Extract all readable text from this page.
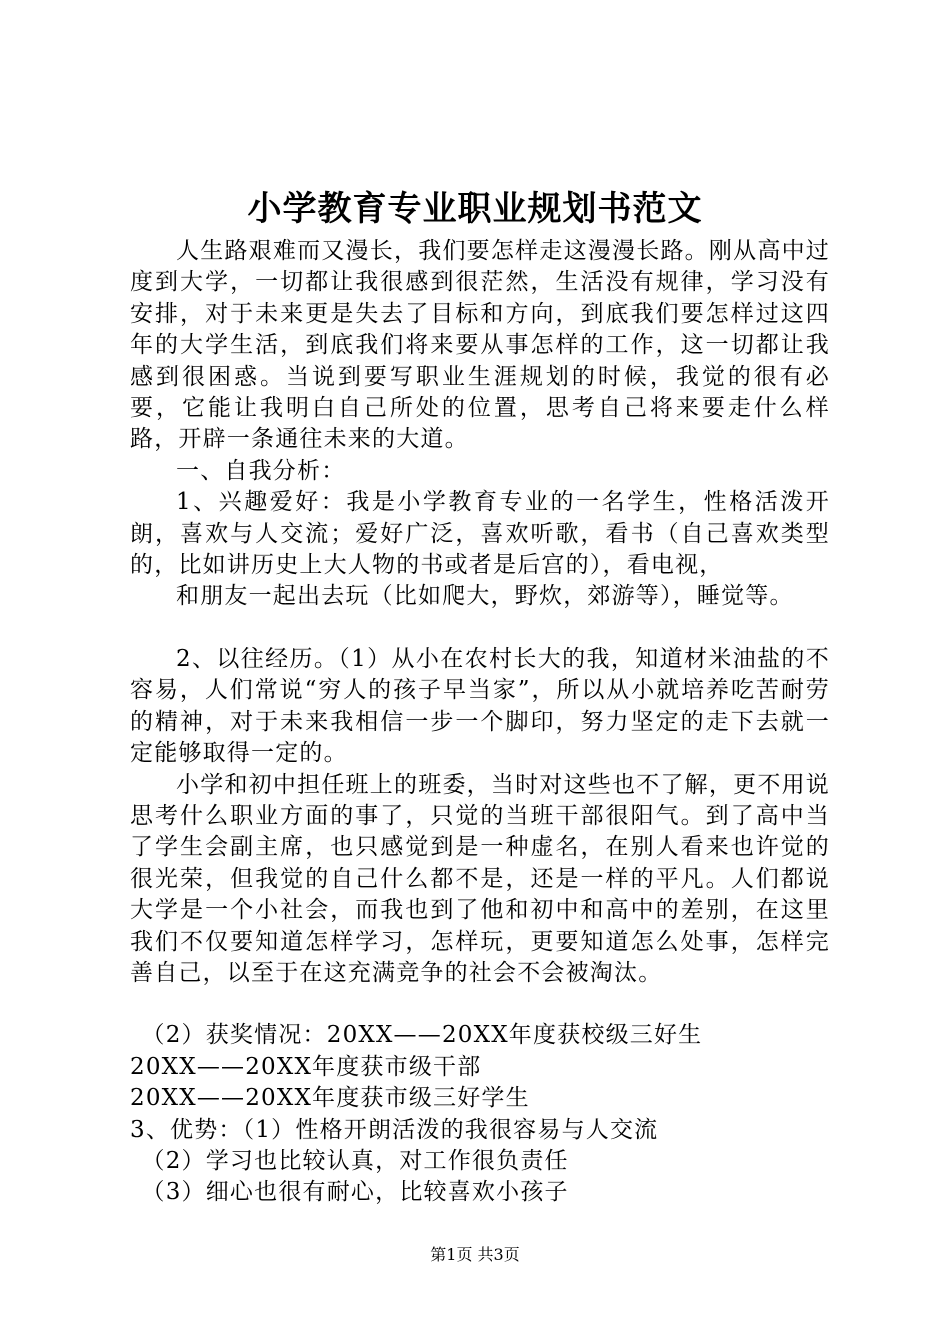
小学教育专业职业规划书范文

人生路艰难而又漫长，我们要怎样走这漫漫长路。刚从高中过度到大学，一切都让我很感到很茫然，生活没有规律，学习没有安排，对于未来更是失去了目标和方向，到底我们要怎样过这四年的大学生活，到底我们将来要从事怎样的工作，这一切都让我感到很困惑。当说到要写职业生涯规划的时候，我觉的很有必要，它能让我明白自己所处的位置，思考自己将来要走什么样路，开辟一条通往未来的大道。

一、自我分析：

1、兴趣爱好：我是小学教育专业的一名学生，性格活泼开朗，喜欢与人交流；爱好广泛，喜欢听歌，看书（自己喜欢类型的，比如讲历史上大人物的书或者是后宫的），看电视，

和朋友一起出去玩（比如爬大，野炊，郊游等），睡觉等。

2、以往经历。（1）从小在农村长大的我，知道材米油盐的不容易，人们常说“穷人的孩子早当家”，所以从小就培养吃苦耐劳的精神，对于未来我相信一步一个脚印，努力坚定的走下去就一定能够取得一定的。

小学和初中担任班上的班委，当时对这些也不了解，更不用说思考什么职业方面的事了，只觉的当班干部很阳气。到了高中当了学生会副主席，也只感觉到是一种虚名，在别人看来也许觉的很光荣，但我觉的自己什么都不是，还是一样的平凡。人们都说大学是一个小社会，而我也到了他和初中和高中的差别，在这里我们不仅要知道怎样学习，怎样玩，更要知道怎么处事，怎样完善自己，以至于在这充满竞争的社会不会被淘汰。

（2）获奖情况：20XX——20XX年度获校级三好生

20XX——20XX年度获市级干部

20XX——20XX年度获市级三好学生

3、优势：（1）性格开朗活泼的我很容易与人交流

（2）学习也比较认真，对工作很负责任

（3）细心也很有耐心，比较喜欢小孩子

第1页 共3页
